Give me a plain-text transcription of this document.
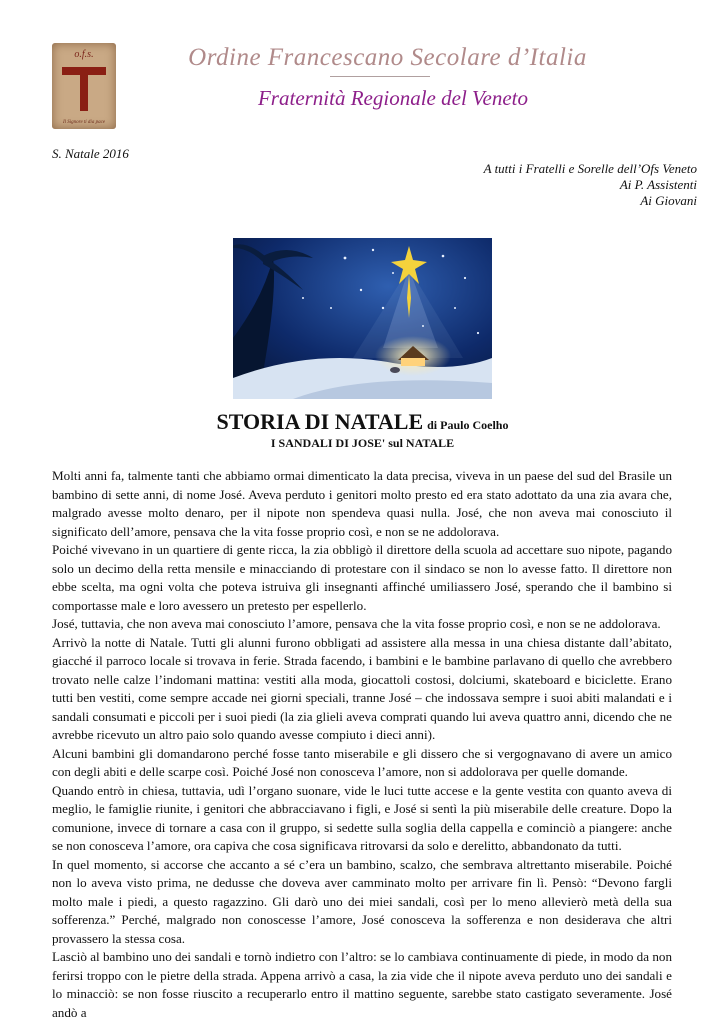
o.f.s.
Il Signore ti dia pace
Ordine Francescano Secolare d’Italia
Fraternità Regionale del Veneto
S. Natale 2016
A tutti i Fratelli e Sorelle dell’Ofs Veneto
Ai P. Assistenti
Ai Giovani
STORIA DI NATALE di Paulo Coelho
I SANDALI DI JOSE' sul NATALE

Molti anni fa, talmente tanti che abbiamo ormai dimenticato la data precisa, viveva in un paese del sud del Brasile un bambino di sette anni, di nome José. Aveva perduto i genitori molto presto ed era stato adottato da una zia avara che, malgrado avesse molto denaro, per il nipote non spendeva quasi nulla. José, che non aveva mai conosciuto il significato dell’amore, pensava che la vita fosse proprio così, e non se ne addolorava.

Poiché vivevano in un quartiere di gente ricca, la zia obbligò il direttore della scuola ad accettare suo nipote, pagando solo un decimo della retta mensile e minacciando di protestare con il sindaco se non lo avesse fatto. Il direttore non ebbe scelta, ma ogni volta che poteva istruiva gli insegnanti affinché umiliassero José, sperando che il bambino si comportasse male e loro avessero un pretesto per espellerlo.

José, tuttavia, che non aveva mai conosciuto l’amore, pensava che la vita fosse proprio così, e non se ne addolorava.

Arrivò la notte di Natale. Tutti gli alunni furono obbligati ad assistere alla messa in una chiesa distante dall’abitato, giacché il parroco locale si trovava in ferie. Strada facendo, i bambini e le bambine parlavano di quello che avrebbero trovato nelle calze l’indomani mattina: vestiti alla moda, giocattoli costosi, dolciumi, skateboard e biciclette. Erano tutti ben vestiti, come sempre accade nei giorni speciali, tranne José – che indossava sempre i suoi abiti malandati e i sandali consumati e piccoli per i suoi piedi (la zia glieli aveva comprati quando lui aveva quattro anni, dicendo che ne avrebbe ricevuto un altro paio solo quando avesse compiuto i dieci anni).

Alcuni bambini gli domandarono perché fosse tanto miserabile e gli dissero che si vergognavano di avere un amico con degli abiti e delle scarpe così. Poiché José non conosceva l’amore, non si addolorava per quelle domande.

Quando entrò in chiesa, tuttavia, udì l’organo suonare, vide le luci tutte accese e la gente vestita con quanto aveva di meglio, le famiglie riunite, i genitori che abbracciavano i figli, e José si sentì la più miserabile delle creature. Dopo la comunione, invece di tornare a casa con il gruppo, si sedette sulla soglia della cappella e cominciò a piangere: anche se non conosceva l’amore, ora capiva che cosa significava ritrovarsi da solo e derelitto, abbandonato da tutti.

In quel momento, si accorse che accanto a sé c’era un bambino, scalzo, che sembrava altrettanto miserabile. Poiché non lo aveva visto prima, ne dedusse che doveva aver camminato molto per arrivare fin lì. Pensò: “Devono fargli molto male i piedi, a questo ragazzino. Gli darò uno dei miei sandali, così per lo meno allevierò metà della sua sofferenza.” Perché, malgrado non conoscesse l’amore, José conosceva la sofferenza e non desiderava che altri provassero la stessa cosa.

Lasciò al bambino uno dei sandali e tornò indietro con l’altro: se lo cambiava continuamente di piede, in modo da non ferirsi troppo con le pietre della strada. Appena arrivò a casa, la zia vide che il nipote aveva perduto uno dei sandali e lo minacciò: se non fosse riuscito a recuperarlo entro il mattino seguente, sarebbe stato castigato severamente. José andò a
